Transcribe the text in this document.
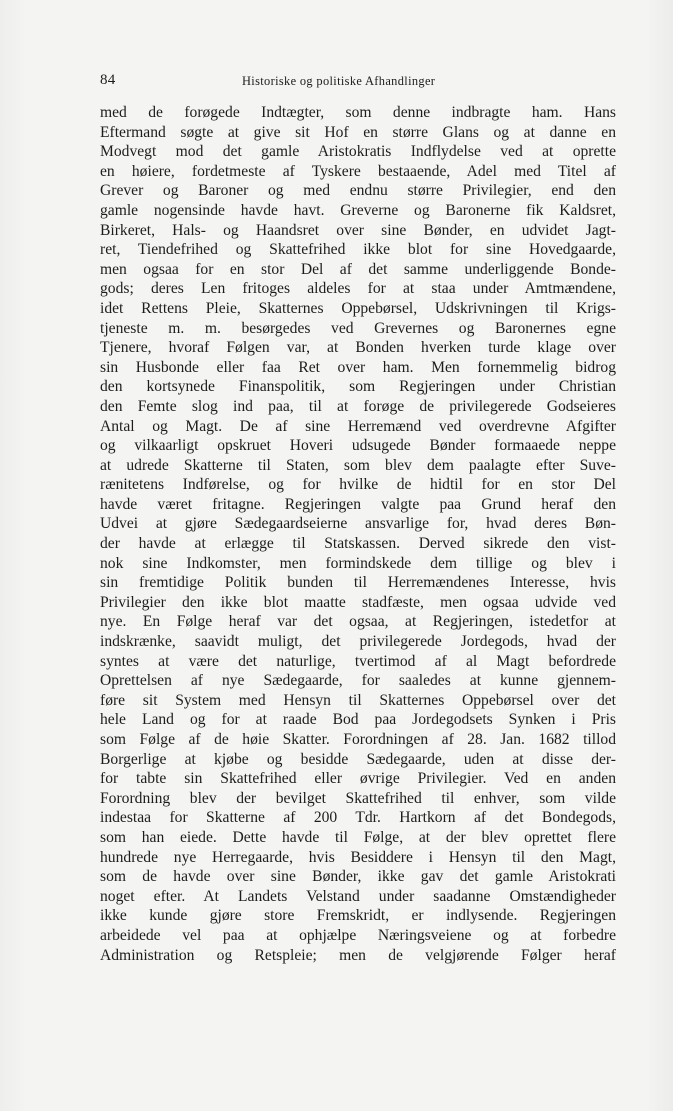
84	Historiske og politiske Afhandlinger
med de forøgede Indtægter, som denne indbragte ham. Hans
Eftermand søgte at give sit Hof en større Glans og at danne en
Modvegt mod det gamle Aristokratis Indflydelse ved at oprette
en høiere, fordetmeste af Tyskere bestaaende, Adel med Titel af
Grever og Baroner og med endnu større Privilegier, end den
gamle nogensinde havde havt. Greverne og Baronerne fik Kaldsret,
Birkeret, Hals- og Haandsret over sine Bønder, en udvidet Jagt-
ret, Tiendefrihed og Skattefrihed ikke blot for sine Hovedgaarde,
men ogsaa for en stor Del af det samme underliggende Bonde-
gods; deres Len fritoges aldeles for at staa under Amtmændene,
idet Rettens Pleie, Skatternes Oppebørsel, Udskrivningen til Krigs-
tjeneste m. m. besørgedes ved Grevernes og Baronernes egne
Tjenere, hvoraf Følgen var, at Bonden hverken turde klage over
sin Husbonde eller faa Ret over ham. Men fornemmelig bidrog
den kortsynede Finanspolitik, som Regjeringen under Christian
den Femte slog ind paa, til at forøge de privilegerede Godseieres
Antal og Magt. De af sine Herremænd ved overdrevne Afgifter
og vilkaarligt opskruet Hoveri udsugede Bønder formaaede neppe
at udrede Skatterne til Staten, som blev dem paalagte efter Suve-
rænitetens Indførelse, og for hvilke de hidtil for en stor Del
havde været fritagne. Regjeringen valgte paa Grund heraf den
Udvei at gjøre Sædegaardseierne ansvarlige for, hvad deres Bøn-
der havde at erlægge til Statskassen. Derved sikrede den vist-
nok sine Indkomster, men formindskede dem tillige og blev i
sin fremtidige Politik bunden til Herremændenes Interesse, hvis
Privilegier den ikke blot maatte stadfæste, men ogsaa udvide ved
nye. En Følge heraf var det ogsaa, at Regjeringen, istedetfor at
indskrænke, saavidt muligt, det privilegerede Jordegods, hvad der
syntes at være det naturlige, tvertimod af al Magt befordrede
Oprettelsen af nye Sædegaarde, for saaledes at kunne gjennem-
føre sit System med Hensyn til Skatternes Oppebørsel over det
hele Land og for at raade Bod paa Jordegodsets Synken i Pris
som Følge af de høie Skatter. Forordningen af 28. Jan. 1682 tillod
Borgerlige at kjøbe og besidde Sædegaarde, uden at disse der-
for tabte sin Skattefrihed eller øvrige Privilegier. Ved en anden
Forordning blev der bevilget Skattefrihed til enhver, som vilde
indestaa for Skatterne af 200 Tdr. Hartkorn af det Bondegods,
som han eiede. Dette havde til Følge, at der blev oprettet flere
hundrede nye Herregaarde, hvis Besiddere i Hensyn til den Magt,
som de havde over sine Bønder, ikke gav det gamle Aristokrati
noget efter. At Landets Velstand under saadanne Omstændigheder
ikke kunde gjøre store Fremskridt, er indlysende. Regjeringen
arbeidede vel paa at ophjælpe Næringsveiene og at forbedre
Administration og Retspleie; men de velgjørende Følger heraf
